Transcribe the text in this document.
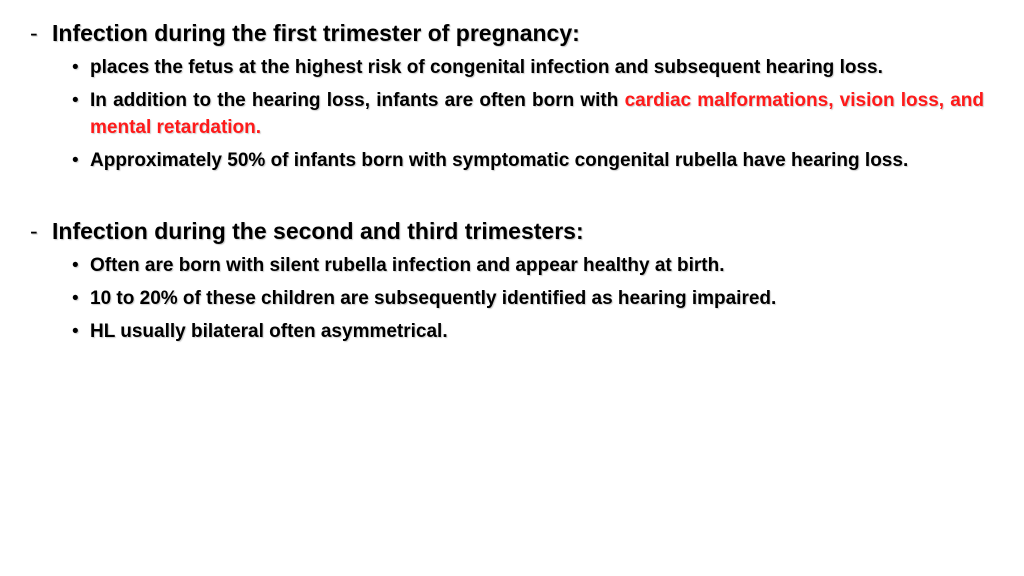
- Infection during the first trimester of pregnancy:
• places the fetus at the highest risk of congenital infection and subsequent hearing loss.
• In addition to the hearing loss, infants are often born with cardiac malformations, vision loss, and mental retardation.
• Approximately 50% of infants born with symptomatic congenital rubella have hearing loss.
- Infection during the second and third trimesters:
• Often are born with silent rubella infection and appear healthy at birth.
• 10 to 20% of these children are subsequently identified as hearing impaired.
• HL usually bilateral often asymmetrical.
